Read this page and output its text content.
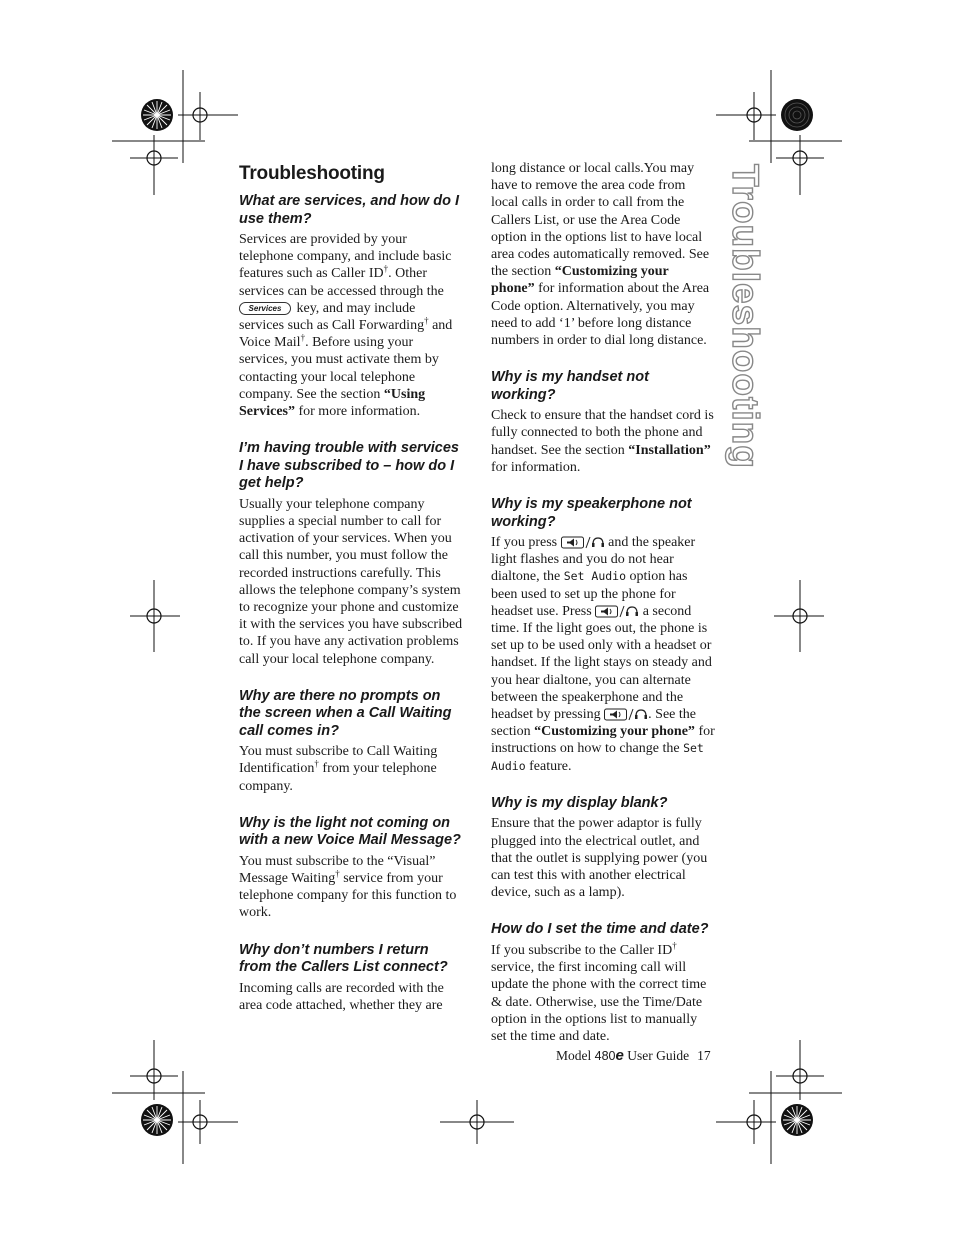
Troubleshooting
Troubleshooting
What are services, and how do I use them?

Services are provided by your telephone company, and include basic features such as Caller ID†. Other services can be accessed through the Services key, and may include services such as Call Forwarding† and Voice Mail†. Before using your services, you must activate them by contacting your local telephone company. See the section “Using Services” for more information.

I’m having trouble with services I have subscribed to – how do I get help?

Usually your telephone company supplies a special number to call for activation of your services. When you call this number, you must follow the recorded instructions carefully. This allows the telephone company’s system to recognize your phone and customize it with the services you have subscribed to. If you have any activation problems call your local telephone company.

Why are there no prompts on the screen when a Call Waiting call comes in?

You must subscribe to Call Waiting Identification† from your telephone company.

Why is the light not coming on with a new Voice Mail Message?

You must subscribe to the “Visual” Message Waiting† service from your telephone company for this function to work.

Why don’t numbers I return from the Callers List connect?

Incoming calls are recorded with the area code attached, whether they are

long distance or local calls.You may have to remove the area code from local calls in order to call from the Callers List, or use the Area Code option in the options list to have local area codes automatically removed. See the section “Customizing your phone” for information about the Area Code option. Alternatively, you may need to add ‘1’ before long distance numbers in order to dial long distance.

Why is my handset not working?

Check to ensure that the handset cord is fully connected to both the phone and handset. See the section “Installation” for information.

Why is my speakerphone not working?

If you press	and the speaker light flashes and you do not hear dialtone, the Set Audio option has been used to set up the phone for headset use. Press	a second time. If the light goes out, the phone is set up to be used only with a headset or handset. If the light stays on steady and you hear dialtone, you can alternate between the speakerphone and the headset by pressing	. See the section “Customizing your phone” for instructions on how to change the Set Audio feature.

Why is my display blank?

Ensure that the power adaptor is fully plugged into the electrical outlet, and that the outlet is supplying power (you can test this with another electrical device, such as a lamp).

How do I set the time and date?

If you subscribe to the Caller ID† service, the first incoming call will update the phone with the correct time & date. Otherwise, use the Time/Date option in the options list to manually set the time and date.

Model 480e User Guide 17
